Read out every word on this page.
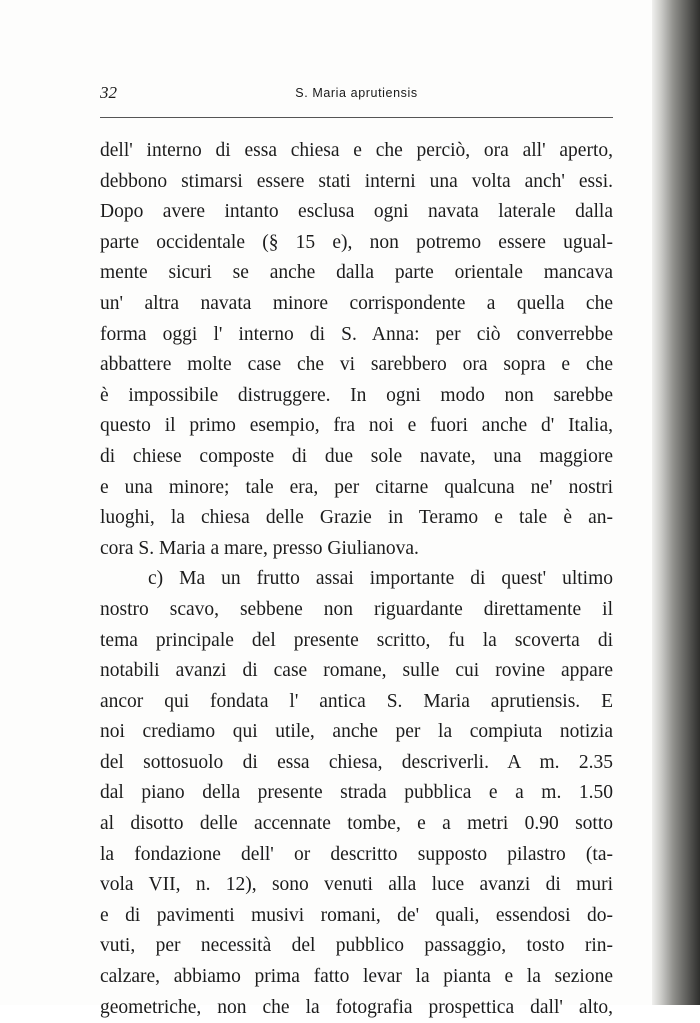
32	S. Maria aprutiensis
dell' interno di essa chiesa e che perciò, ora all' aperto,
debbono stimarsi essere stati interni una volta anch' essi.
Dopo avere intanto esclusa ogni navata laterale dalla
parte occidentale (§ 15 e), non potremo essere ugual-
mente sicuri se anche dalla parte orientale mancava
un' altra navata minore corrispondente a quella che
forma oggi l' interno di S. Anna: per ciò converrebbe
abbattere molte case che vi sarebbero ora sopra e che
è impossibile distruggere. In ogni modo non sarebbe
questo il primo esempio, fra noi e fuori anche d' Italia,
di chiese composte di due sole navate, una maggiore
e una minore; tale era, per citarne qualcuna ne' nostri
luoghi, la chiesa delle Grazie in Teramo e tale è an-
cora S. Maria a mare, presso Giulianova.
c) Ma un frutto assai importante di quest' ultimo
nostro scavo, sebbene non riguardante direttamente il
tema principale del presente scritto, fu la scoverta di
notabili avanzi di case romane, sulle cui rovine appare
ancor qui fondata l' antica S. Maria aprutiensis. E
noi crediamo qui utile, anche per la compiuta notizia
del sottosuolo di essa chiesa, descriverli. A m. 2.35
dal piano della presente strada pubblica e a m. 1.50
al disotto delle accennate tombe, e a metri 0.90 sotto
la fondazione dell' or descritto supposto pilastro (ta-
vola VII, n. 12), sono venuti alla luce avanzi di muri
e di pavimenti musivi romani, de' quali, essendosi do-
vuti, per necessità del pubblico passaggio, tosto rin-
calzare, abbiamo prima fatto levar la pianta e la sezione
geometriche, non che la fotografia prospettica dall' alto,
